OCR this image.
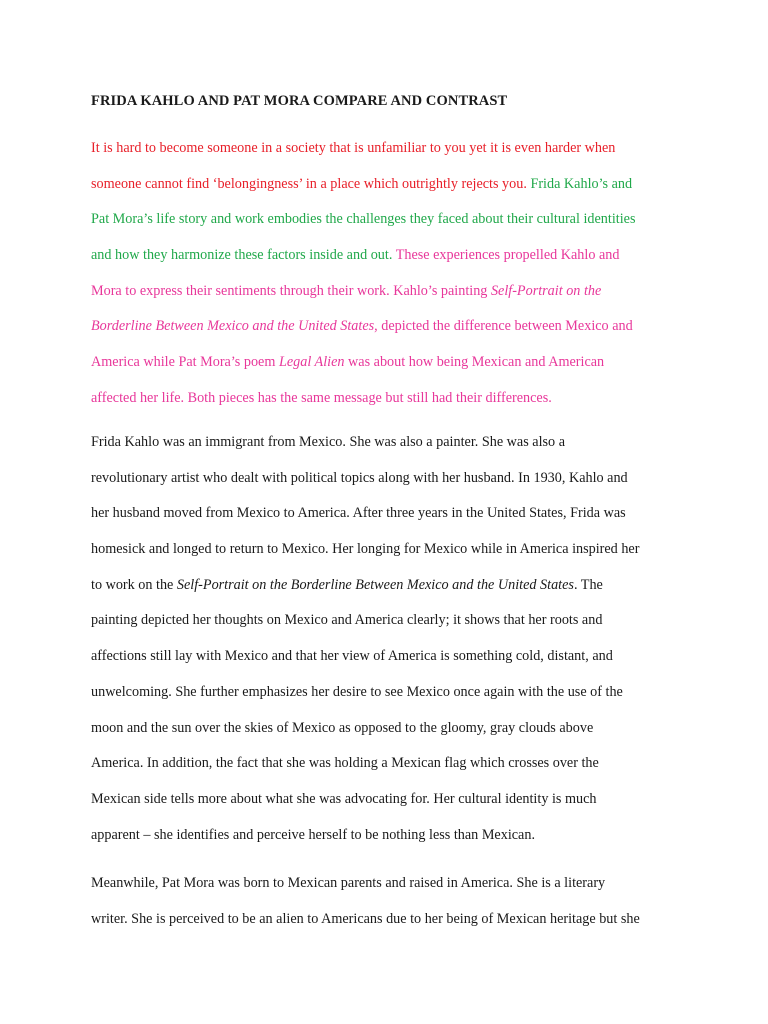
FRIDA KAHLO AND PAT MORA COMPARE AND CONTRAST
It is hard to become someone in a society that is unfamiliar to you yet it is even harder when
someone cannot find ‘belongingness’ in a place which outrightly rejects you. Frida Kahlo’s and
Pat Mora’s life story and work embodies the challenges they faced about their cultural identities
and how they harmonize these factors inside and out. These experiences propelled Kahlo and
Mora to express their sentiments through their work. Kahlo’s painting Self-Portrait on the
Borderline Between Mexico and the United States, depicted the difference between Mexico and
America while Pat Mora’s poem Legal Alien was about how being Mexican and American
affected her life. Both pieces has the same message but still had their differences.
Frida Kahlo was an immigrant from Mexico. She was also a painter. She was also a
revolutionary artist who dealt with political topics along with her husband. In 1930, Kahlo and
her husband moved from Mexico to America. After three years in the United States, Frida was
homesick and longed to return to Mexico. Her longing for Mexico while in America inspired her
to work on the Self-Portrait on the Borderline Between Mexico and the United States. The
painting depicted her thoughts on Mexico and America clearly; it shows that her roots and
affections still lay with Mexico and that her view of America is something cold, distant, and
unwelcoming. She further emphasizes her desire to see Mexico once again with the use of the
moon and the sun over the skies of Mexico as opposed to the gloomy, gray clouds above
America. In addition, the fact that she was holding a Mexican flag which crosses over the
Mexican side tells more about what she was advocating for. Her cultural identity is much
apparent – she identifies and perceive herself to be nothing less than Mexican.
Meanwhile, Pat Mora was born to Mexican parents and raised in America. She is a literary
writer. She is perceived to be an alien to Americans due to her being of Mexican heritage but she
